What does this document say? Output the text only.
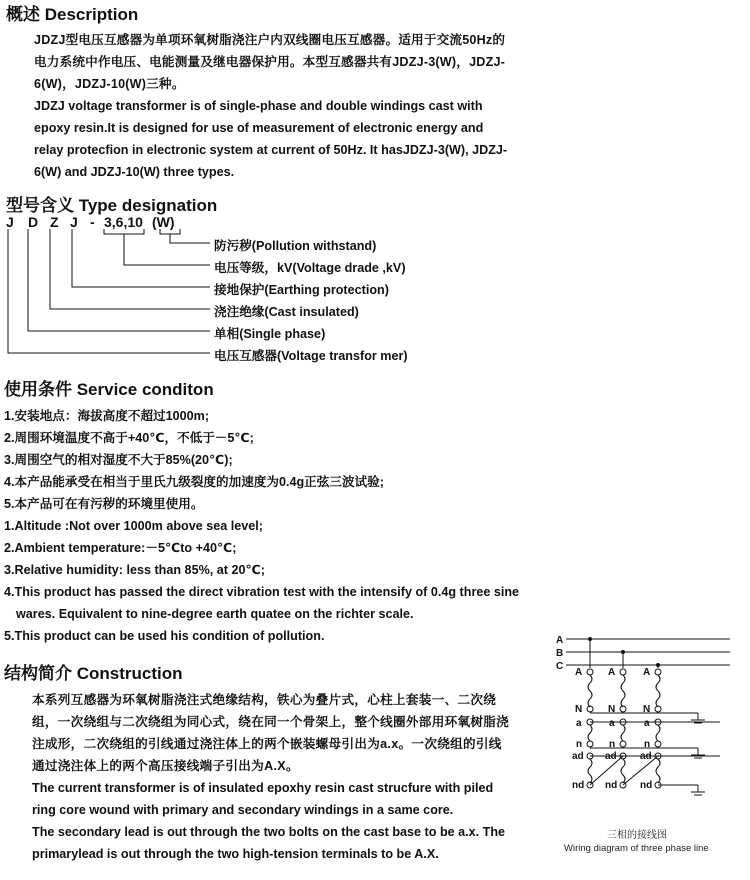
概述 Description

JDZJ型电压互感器为单项环氧树脂浇注户内双线圈电压互感器。适用于交流50Hz的电力系统中作电压、电能测量及继电器保护用。本型互感器共有JDZJ-3(W)，JDZJ-6(W)，JDZJ-10(W)三种。

JDZJ voltage transformer is of single-phase and double windings cast with epoxy resin.It is designed for use of measurement of electronic energy and relay protecfion in electronic system at current of 50Hz. It hasJDZJ-3(W), JDZJ-6(W) and JDZJ-10(W) three types.

型号含义 Type designation
J D Z J - 3,6,10 (W)
防污秽(Pollution withstand)
电压等级，kV(Voltage drade ,kV)
接地保护(Earthing protection)
浇注绝缘(Cast insulated)
单相(Single phase)
电压互感器(Voltage transfor mer)
使用条件 Service conditon

1.安装地点：海拔高度不超过1000m;

2.周围环境温度不高于+40℃，不低于－5℃;

3.周围空气的相对湿度不大于85%(20℃);

4.本产品能承受在相当于里氏九级裂度的加速度为0.4g正弦三波试验;

5.本产品可在有污秽的环境里使用。

1.Altitude :Not over 1000m above sea level;

2.Ambient temperature:－5℃to +40℃;

3.Relative humidity: less than 85%, at 20℃;

4.This product has passed the direct vibration test with the intensify of 0.4g three sine

wares. Equivalent to nine-degree earth quatee on the richter scale.

5.This product can be used his condition of pollution.

结构简介 Construction

本系列互感器为环氧树脂浇注式绝缘结构，铁心为叠片式，心柱上套装一、二次绕组，一次绕组与二次绕组为同心式，绕在同一个骨架上，整个线圈外部用环氧树脂浇注成形，二次绕组的引线通过浇注体上的两个嵌装螺母引出为a.x。一次绕组的引线通过浇注体上的两个高压接线端子引出为A.X。

The current transformer is of insulated epoxhy resin cast strucfure with piled ring core wound with primary and secondary windings in a same core.

The secondary lead is out through the two bolts on the cast base to be a.x. The primarylead is out through the two high-tension terminals to be A.X.

A
B
C
A
N
a
n
ad
nd
A
N
a
n
ad
nd
A
N
a
n
ad
nd
三相的接线图
Wiring diagram of three phase line
